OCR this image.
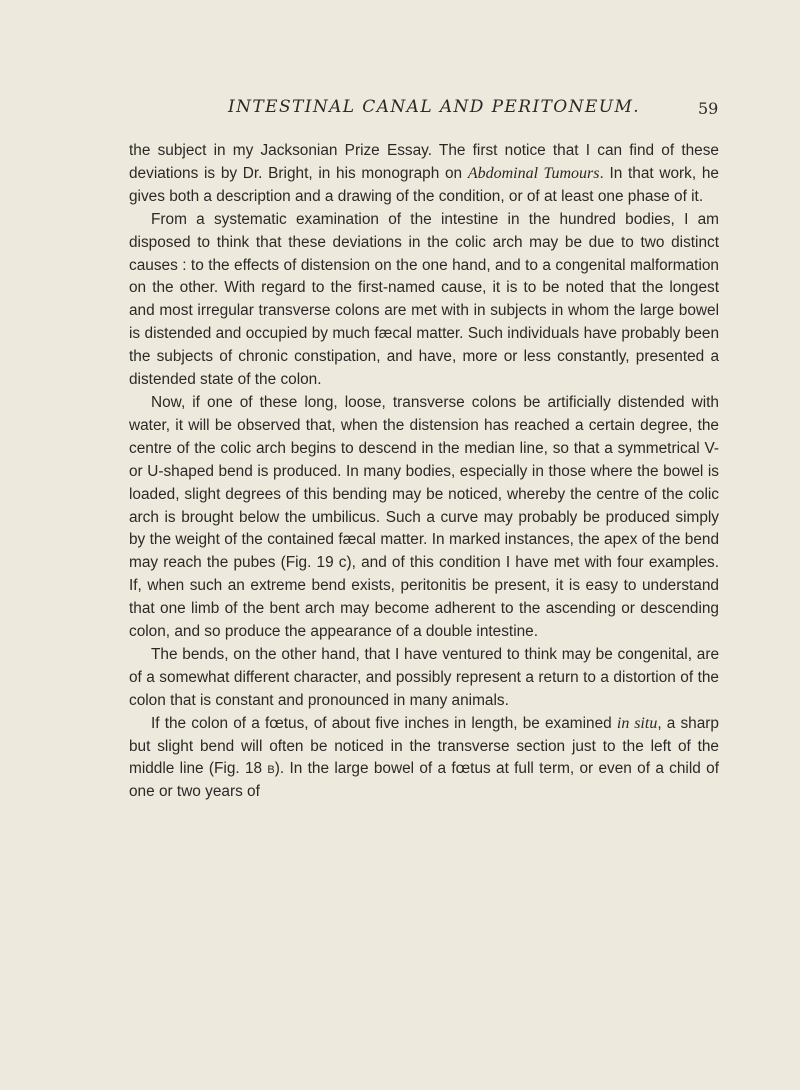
INTESTINAL CANAL AND PERITONEUM.	59

the subject in my Jacksonian Prize Essay. The first notice that I can find of these deviations is by Dr. Bright, in his monograph on Abdominal Tumours. In that work, he gives both a description and a drawing of the condition, or of at least one phase of it.

From a systematic examination of the intestine in the hundred bodies, I am disposed to think that these deviations in the colic arch may be due to two distinct causes : to the effects of distension on the one hand, and to a congenital malformation on the other. With regard to the first-named cause, it is to be noted that the longest and most irregular transverse colons are met with in subjects in whom the large bowel is distended and occupied by much fæcal matter. Such individuals have probably been the subjects of chronic constipation, and have, more or less constantly, presented a distended state of the colon.

Now, if one of these long, loose, transverse colons be artificially distended with water, it will be observed that, when the distension has reached a certain degree, the centre of the colic arch begins to descend in the median line, so that a symmetrical V- or U-shaped bend is produced. In many bodies, especially in those where the bowel is loaded, slight degrees of this bending may be noticed, whereby the centre of the colic arch is brought below the umbilicus. Such a curve may probably be produced simply by the weight of the contained fæcal matter. In marked instances, the apex of the bend may reach the pubes (Fig. 19 c), and of this condition I have met with four examples. If, when such an extreme bend exists, peritonitis be present, it is easy to understand that one limb of the bent arch may become adherent to the ascending or descending colon, and so produce the appearance of a double intestine.

The bends, on the other hand, that I have ventured to think may be congenital, are of a somewhat different character, and possibly represent a return to a distortion of the colon that is constant and pronounced in many animals.

If the colon of a fœtus, of about five inches in length, be examined in situ, a sharp but slight bend will often be noticed in the transverse section just to the left of the middle line (Fig. 18 b). In the large bowel of a fœtus at full term, or even of a child of one or two years of
